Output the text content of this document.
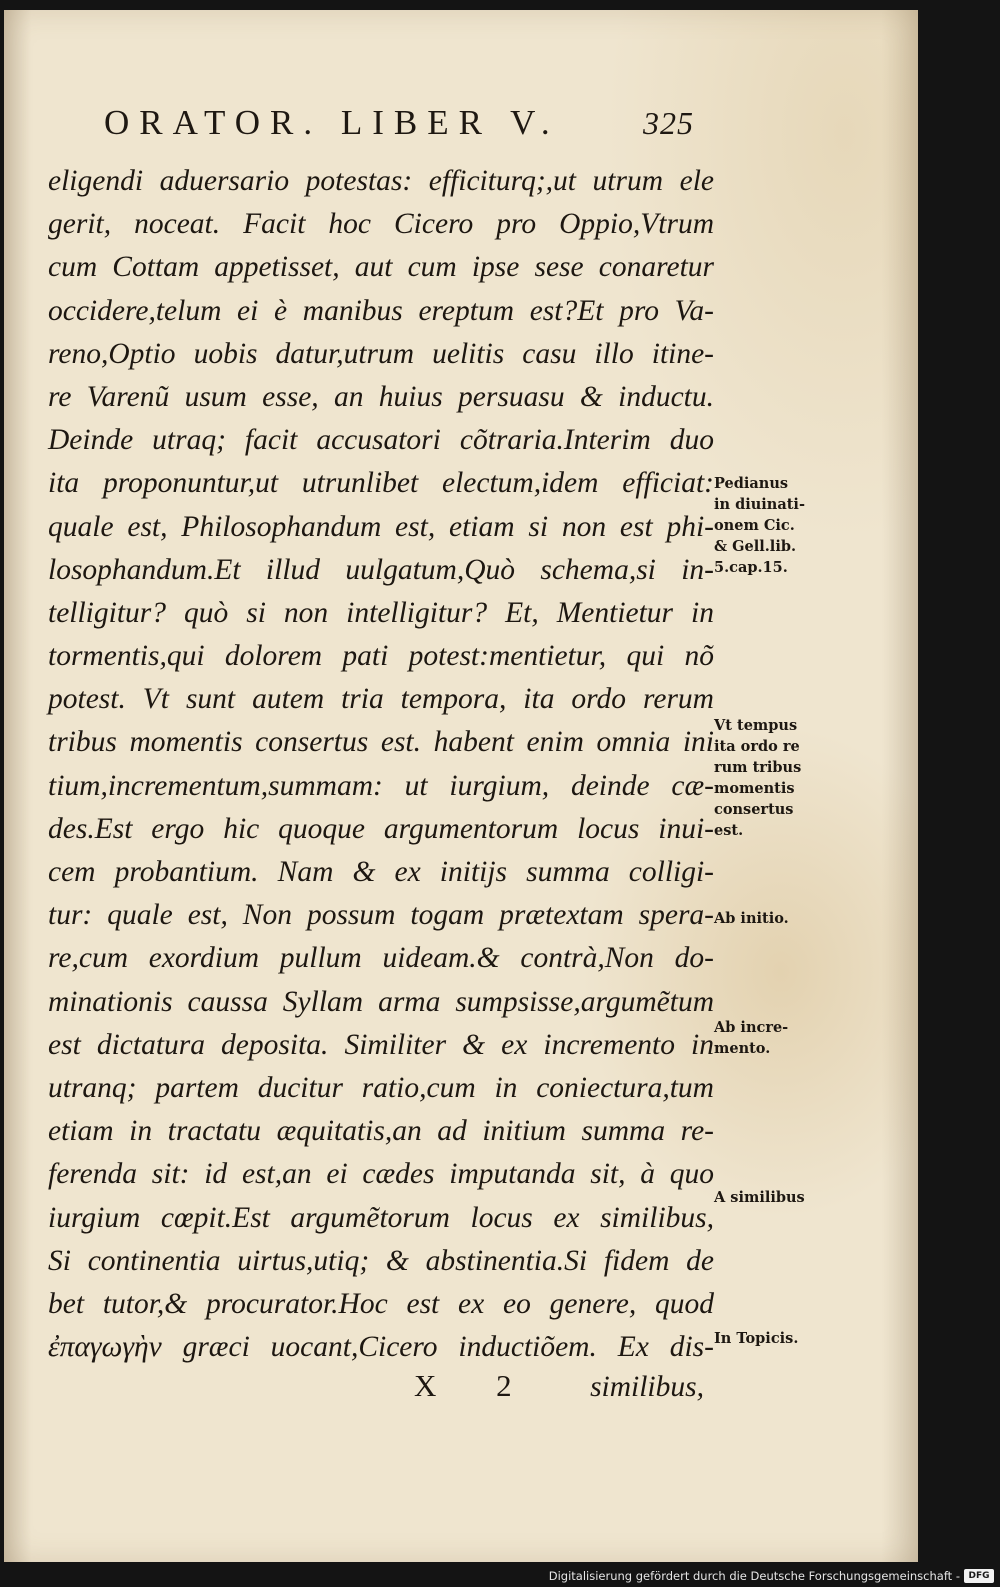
ORATOR. LIBER V.	325
eligendi aduersario potestas: efficiturq;,ut utrum ele
gerit, noceat. Facit hoc Cicero pro Oppio,Vtrum
cum Cottam appetisset, aut cum ipse sese conaretur
occidere,telum ei è manibus ereptum est?Et pro Va-
reno,Optio uobis datur,utrum uelitis casu illo itine-
re Varenũ usum esse, an huius persuasu & inductu.
Deinde utraq; facit accusatori cõtraria.Interim duo
ita proponuntur,ut utrunlibet electum,idem efficiat:
quale est, Philosophandum est, etiam si non est phi-
losophandum.Et illud uulgatum,Quò schema,si in-
telligitur? quò si non intelligitur? Et, Mentietur in
tormentis,qui dolorem pati potest:mentietur, qui nõ
potest. Vt sunt autem tria tempora, ita ordo rerum
tribus momentis consertus est. habent enim omnia ini
tium,incrementum,summam: ut iurgium, deinde cæ-
des.Est ergo hic quoque argumentorum locus inui-
cem probantium. Nam & ex initijs summa colligi-
tur: quale est, Non possum togam prætextam spera-
re,cum exordium pullum uideam.& contrà,Non do-
minationis caussa Syllam arma sumpsisse,argumẽtum
est dictatura deposita. Similiter & ex incremento in
utranq; partem ducitur ratio,cum in coniectura,tum
etiam in tractatu æquitatis,an ad initium summa re-
ferenda sit: id est,an ei cædes imputanda sit, à quo
iurgium cœpit.Est argumẽtorum locus ex similibus,
Si continentia uirtus,utiq; & abstinentia.Si fidem de
bet tutor,& procurator.Hoc est ex eo genere, quod
ἐπαγωγὴν græci uocant,Cicero inductiõem. Ex dis-
Pedianus
in diuinati-
onem Cic.
& Gell.lib.
5.cap.15.
Vt tempus
ita ordo re
rum tribus
momentis
consertus
est.
Ab initio.
Ab incre-
mento.
A similibus
In Topicis.
X 2 similibus,
Digitalisierung gefördert durch die Deutsche Forschungsgemeinschaft - DFG
